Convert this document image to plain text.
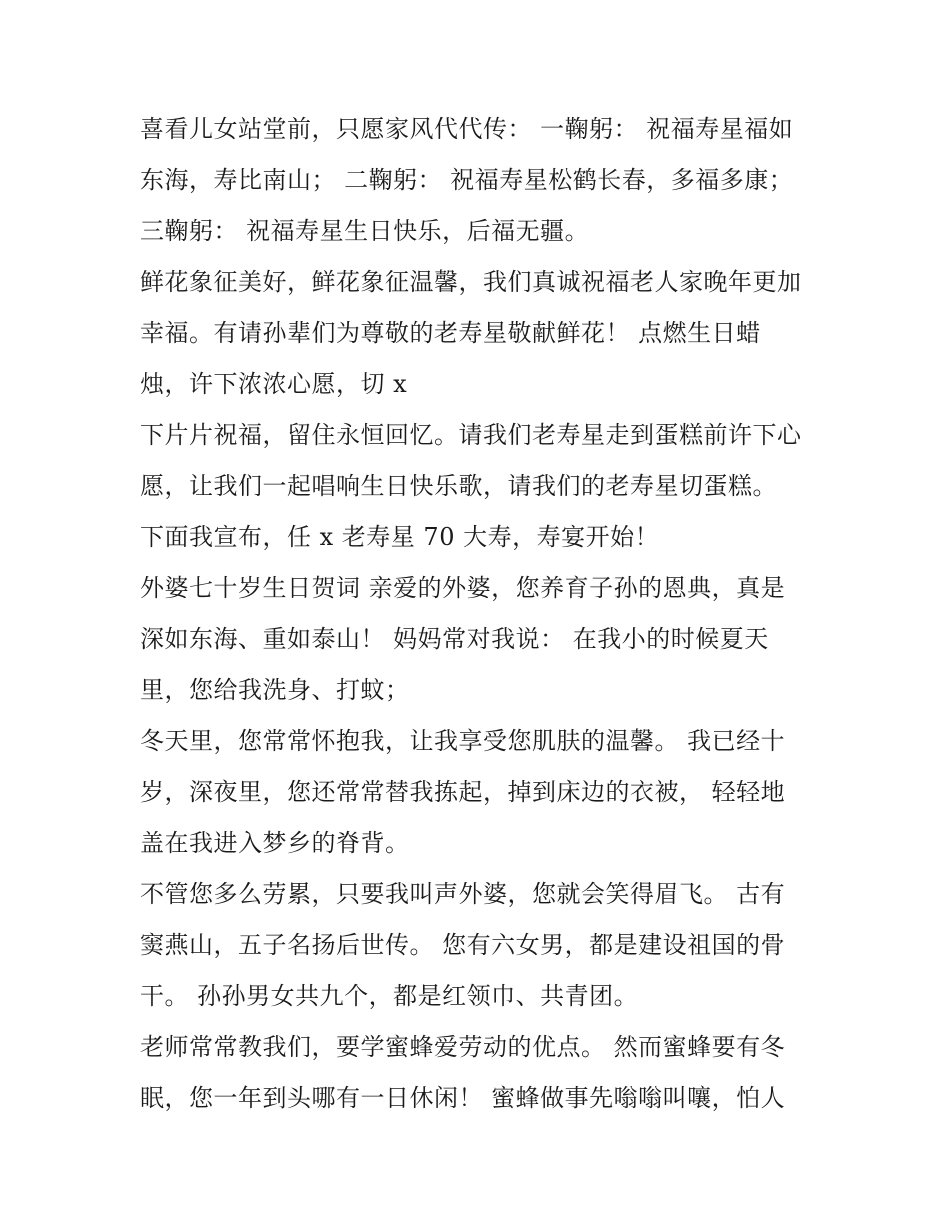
喜看儿女站堂前，只愿家风代代传： 一鞠躬： 祝福寿星福如
东海，寿比南山； 二鞠躬： 祝福寿星松鹤长春，多福多康；
三鞠躬： 祝福寿星生日快乐，后福无疆。
鲜花象征美好，鲜花象征温馨，我们真诚祝福老人家晚年更加
幸福。有请孙辈们为尊敬的老寿星敬献鲜花！ 点燃生日蜡
烛，许下浓浓心愿，切 x
下片片祝福，留住永恒回忆。请我们老寿星走到蛋糕前许下心
愿，让我们一起唱响生日快乐歌，请我们的老寿星切蛋糕。
下面我宣布，任 x 老寿星 70 大寿，寿宴开始！
外婆七十岁生日贺词 亲爱的外婆，您养育子孙的恩典，真是
深如东海、重如泰山！ 妈妈常对我说： 在我小的时候夏天
里，您给我洗身、打蚊；
冬天里，您常常怀抱我，让我享受您肌肤的温馨。 我已经十
岁，深夜里，您还常常替我拣起，掉到床边的衣被， 轻轻地
盖在我进入梦乡的脊背。
不管您多么劳累，只要我叫声外婆，您就会笑得眉飞。 古有
窦燕山，五子名扬后世传。 您有六女男，都是建设祖国的骨
干。 孙孙男女共九个，都是红领巾、共青团。
老师常常教我们，要学蜜蜂爱劳动的优点。 然而蜜蜂要有冬
眠，您一年到头哪有一日休闲！ 蜜蜂做事先嗡嗡叫嚷，怕人
